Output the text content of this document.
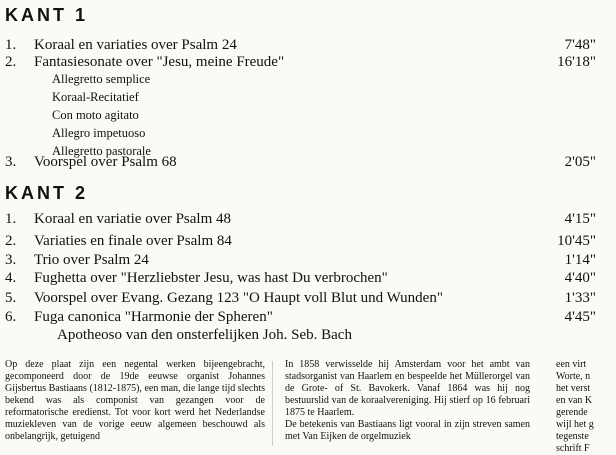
KANT 1
1. Koraal en variaties over Psalm 24	7'48"
2. Fantasiesonate over "Jesu, meine Freude"	16'18"
Allegretto semplice
Koraal-Recitatief
Con moto agitato
Allegro impetuoso
Allegretto pastorale
3. Voorspel over Psalm 68	2'05"
KANT 2
1. Koraal en variatie over Psalm 48	4'15"
2. Variaties en finale over Psalm 84	10'45"
3. Trio over Psalm 24	1'14"
4. Fughetta over "Herzliebster Jesu, was hast Du verbrochen"	4'40"
5. Voorspel over Evang. Gezang 123 "O Haupt voll Blut und Wunden"	1'33"
6. Fuga canonica "Harmonie der Spheren"	4'45"
Apotheoso van den onsterfelijken Joh. Seb. Bach

Op deze plaat zijn een negental werken bijeengebracht, gecomponeerd door de 19de eeuwse organist Johannes Gijsbertus Bastiaans (1812-1875), een man, die lange tijd slechts bekend was als componist van gezangen voor de reformatorische eredienst. Tot voor kort werd het Nederlandse muziekleven van de vorige eeuw algemeen beschouwd als onbelangrijk, getuigend

In 1858 verwisselde hij Amsterdam voor het ambt van stadsorganist van Haarlem en bespeelde het Müllerorgel van de Grote- of St. Bavokerk. Vanaf 1864 was hij nog bestuurslid van de koraalvereniging. Hij stierf op 16 februari 1875 te Haarlem.
De betekenis van Bastiaans ligt vooral in zijn streven samen met Van Eijken de orgelmuziek

een virt
Worte, n
het verst
en van K
gerende
wijl het g
tegenste
schrift F
